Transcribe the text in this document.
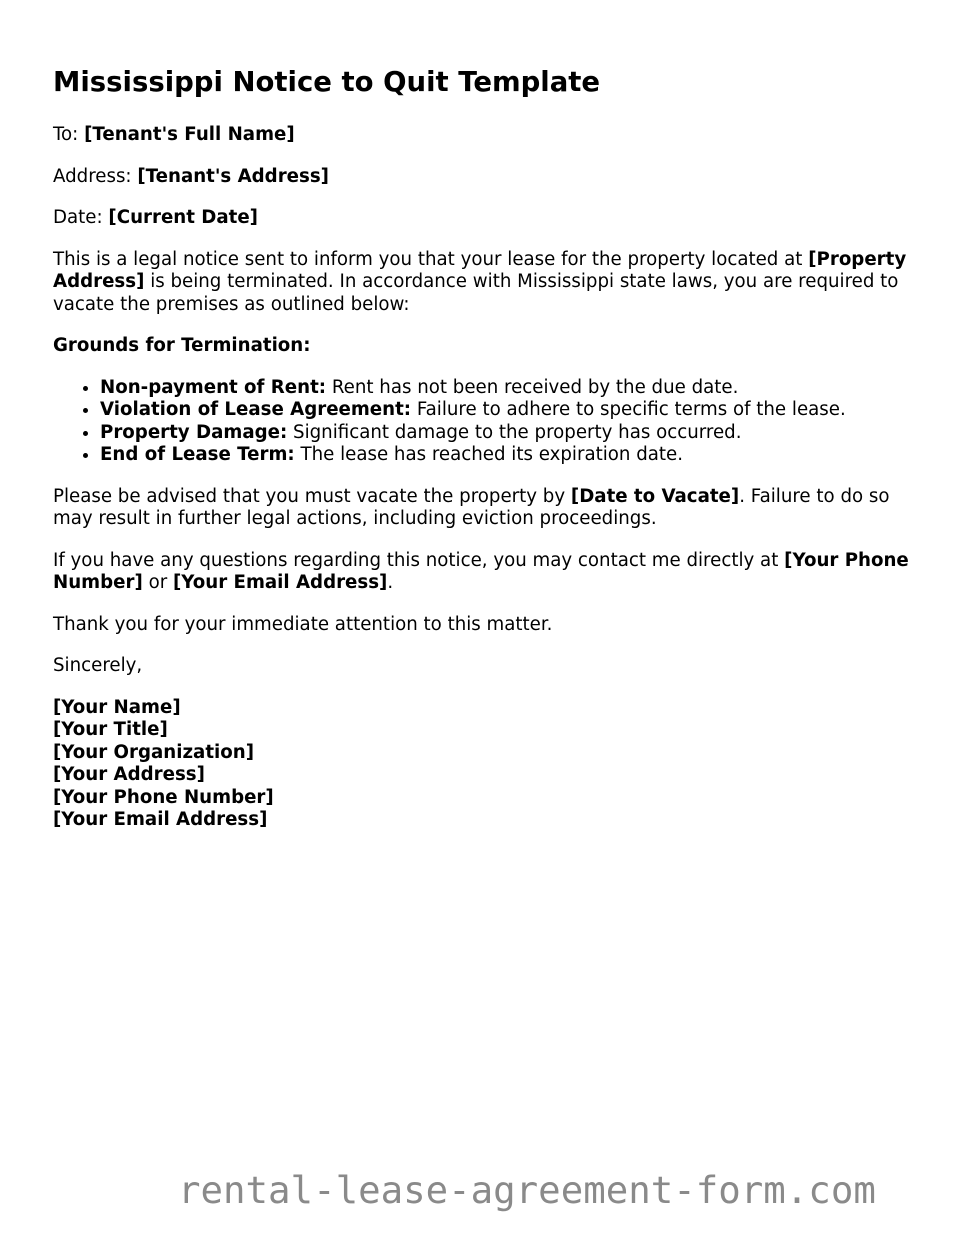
Mississippi Notice to Quit Template

To: [Tenant's Full Name]

Address: [Tenant's Address]

Date: [Current Date]

This is a legal notice sent to inform you that your lease for the property located at [Property Address] is being terminated. In accordance with Mississippi state laws, you are required to vacate the premises as outlined below:

Grounds for Termination:

• Non-payment of Rent: Rent has not been received by the due date.
• Violation of Lease Agreement: Failure to adhere to specific terms of the lease.
• Property Damage: Significant damage to the property has occurred.
• End of Lease Term: The lease has reached its expiration date.

Please be advised that you must vacate the property by [Date to Vacate]. Failure to do so may result in further legal actions, including eviction proceedings.

If you have any questions regarding this notice, you may contact me directly at [Your Phone Number] or [Your Email Address].

Thank you for your immediate attention to this matter.

Sincerely,

[Your Name]

[Your Title]

[Your Organization]

[Your Address]

[Your Phone Number]

[Your Email Address]

rental-lease-agreement-form.com
